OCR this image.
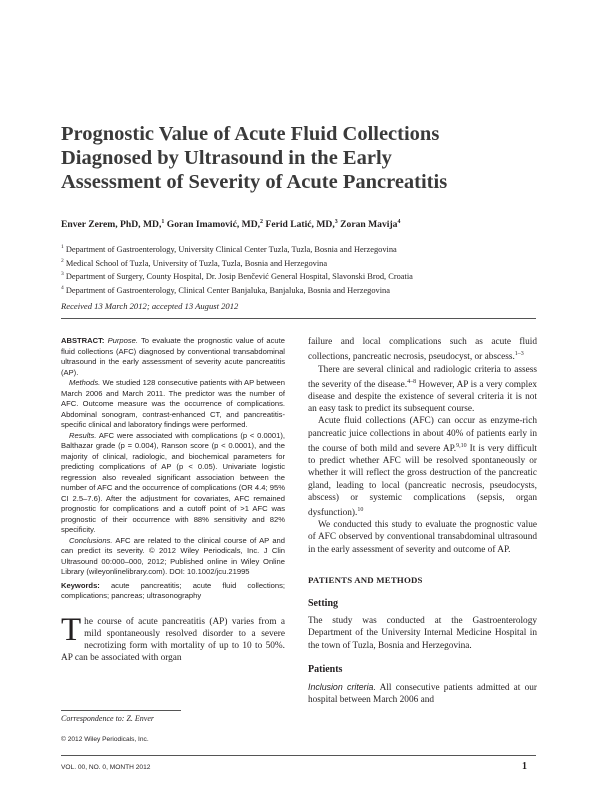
Prognostic Value of Acute Fluid Collections
Diagnosed by Ultrasound in the Early
Assessment of Severity of Acute Pancreatitis
Enver Zerem, PhD, MD,$^1$ Goran Imamović, MD,$^2$ Ferid Latić, MD,$^3$ Zoran Mavija$^4$
$^1$ Department of Gastroenterology, University Clinical Center Tuzla, Tuzla, Bosnia and Herzegovina
$^2$ Medical School of Tuzla, University of Tuzla, Tuzla, Bosnia and Herzegovina
$^3$ Department of Surgery, County Hospital, Dr. Josip Benčević General Hospital, Slavonski Brod, Croatia
$^4$ Department of Gastroenterology, Clinical Center Banjaluka, Banjaluka, Bosnia and Herzegovina
Received 13 March 2012; accepted 13 August 2012

ABSTRACT: Purpose. To evaluate the prognostic value of acute fluid collections (AFC) diagnosed by conventional transabdominal ultrasound in the early assessment of severity acute pancreatitis (AP).

Methods. We studied 128 consecutive patients with AP between March 2006 and March 2011. The predictor was the number of AFC. Outcome measure was the occurrence of complications. Abdominal sonogram, contrast-enhanced CT, and pancreatitis-specific clinical and laboratory findings were performed.

Results. AFC were associated with complications (p < 0.0001), Balthazar grade (p = 0.004), Ranson score (p < 0.0001), and the majority of clinical, radiologic, and biochemical parameters for predicting complications of AP (p < 0.05). Univariate logistic regression also revealed significant association between the number of AFC and the occurrence of complications (OR 4.4; 95% CI 2.5–7.6). After the adjustment for covariates, AFC remained prognostic for complications and a cutoff point of >1 AFC was prognostic of their occurrence with 88% sensitivity and 82% specificity.

Conclusions. AFC are related to the clinical course of AP and can predict its severity. © 2012 Wiley Periodicals, Inc. J Clin Ultrasound 00:000–000, 2012; Published online in Wiley Online Library (wileyonlinelibrary.com). DOI: 10.1002/jcu.21995

Keywords: acute pancreatitis; acute fluid collections; complications; pancreas; ultrasonography
The course of acute pancreatitis (AP) varies from a mild spontaneously resolved disorder to a severe necrotizing form with mortality of up to 10 to 50%. AP can be associated with organ

failure and local complications such as acute fluid collections, pancreatic necrosis, pseudocyst, or abscess.$^{1-3}$

There are several clinical and radiologic criteria to assess the severity of the disease.$^{4-8}$ However, AP is a very complex disease and despite the existence of several criteria it is not an easy task to predict its subsequent course.

Acute fluid collections (AFC) can occur as enzyme-rich pancreatic juice collections in about 40% of patients early in the course of both mild and severe AP.$^{9,10}$ It is very difficult to predict whether AFC will be resolved spontaneously or whether it will reflect the gross destruction of the pancreatic gland, leading to local (pancreatic necrosis, pseudocysts, abscess) or systemic complications (sepsis, organ dysfunction).$^{10}$

We conducted this study to evaluate the prognostic value of AFC observed by conventional transabdominal ultrasound in the early assessment of severity and outcome of AP.

PATIENTS AND METHODS
Setting

The study was conducted at the Gastroenterology Department of the University Internal Medicine Hospital in the town of Tuzla, Bosnia and Herzegovina.

Patients

Inclusion criteria. All consecutive patients admitted at our hospital between March 2006 and

Correspondence to: Z. Enver
© 2012 Wiley Periodicals, Inc.
VOL. 00, NO. 0, MONTH 2012	1
